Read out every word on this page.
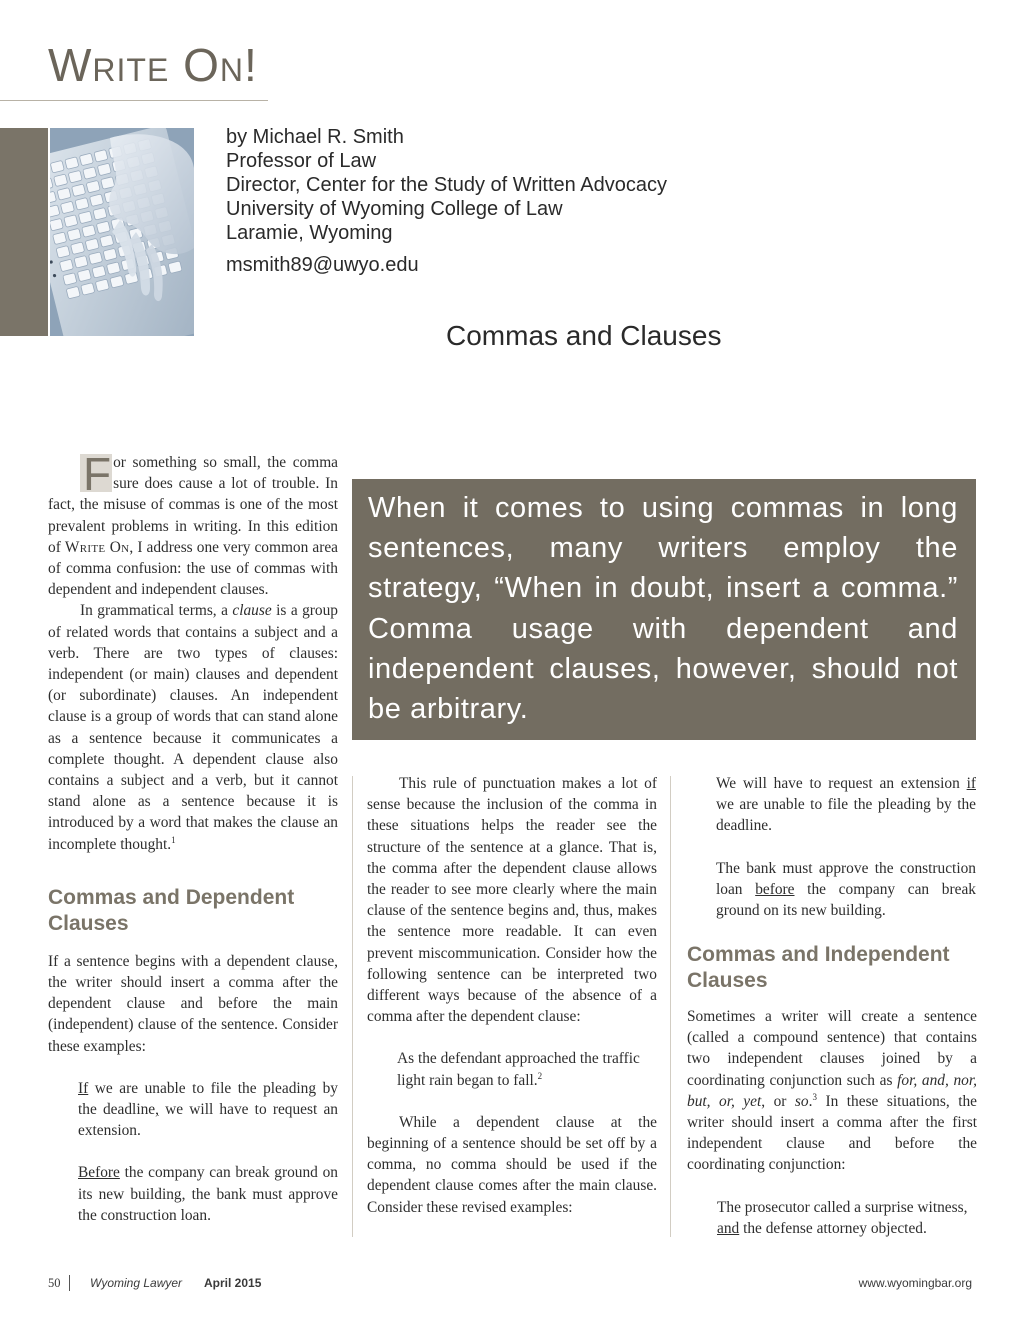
Write On!
by Michael R. Smith
Professor of Law
Director, Center for the Study of Written Advocacy
University of Wyoming College of Law
Laramie, Wyoming
msmith89@uwyo.edu
Commas and Clauses

F or something so small, the comma sure does cause a lot of trouble. In fact, the misuse of commas is one of the most prevalent problems in writing. In this edition of Write On, I address one very common area of comma confusion: the use of commas with dependent and independent clauses.

In grammatical terms, a clause is a group of related words that contains a subject and a verb. There are two types of clauses: independent (or main) clauses and dependent (or subordinate) clauses. An independent clause is a group of words that can stand alone as a sentence because it communicates a complete thought. A dependent clause also contains a subject and a verb, but it cannot stand alone as a sentence because it is introduced by a word that makes the clause an incomplete thought.$^1$

Commas and Dependent Clauses

If a sentence begins with a dependent clause, the writer should insert a comma after the dependent clause and before the main (independent) clause of the sentence. Consider these examples:

If we are unable to file the pleading by the deadline, we will have to request an extension.

Before the company can break ground on its new building, the bank must approve the construction loan.

When it comes to using commas in long sentences, many writers employ the strategy, “When in doubt, insert a comma.” Comma usage with dependent and independent clauses, however, should not be arbitrary.

This rule of punctuation makes a lot of sense because the inclusion of the comma in these situations helps the reader see the structure of the sentence at a glance. That is, the comma after the dependent clause allows the reader to see more clearly where the main clause of the sentence begins and, thus, makes the sentence more readable. It can even prevent miscommunication. Consider how the following sentence can be interpreted two different ways because of the absence of a comma after the dependent clause:

As the defendant approached the traffic light rain began to fall.$^2$

While a dependent clause at the beginning of a sentence should be set off by a comma, no comma should be used if the dependent clause comes after the main clause. Consider these revised examples:

We will have to request an extension if we are unable to file the pleading by the deadline.

The bank must approve the construction loan before the company can break ground on its new building.

Commas and Independent Clauses

Sometimes a writer will create a sentence (called a compound sentence) that contains two independent clauses joined by a coordinating conjunction such as for, and, nor, but, or, yet, or so.$^3$ In these situations, the writer should insert a comma after the first independent clause and before the coordinating conjunction:

The prosecutor called a surprise witness,
and the defense attorney objected.

50 Wyoming Lawyer April 2015	www.wyomingbar.org
